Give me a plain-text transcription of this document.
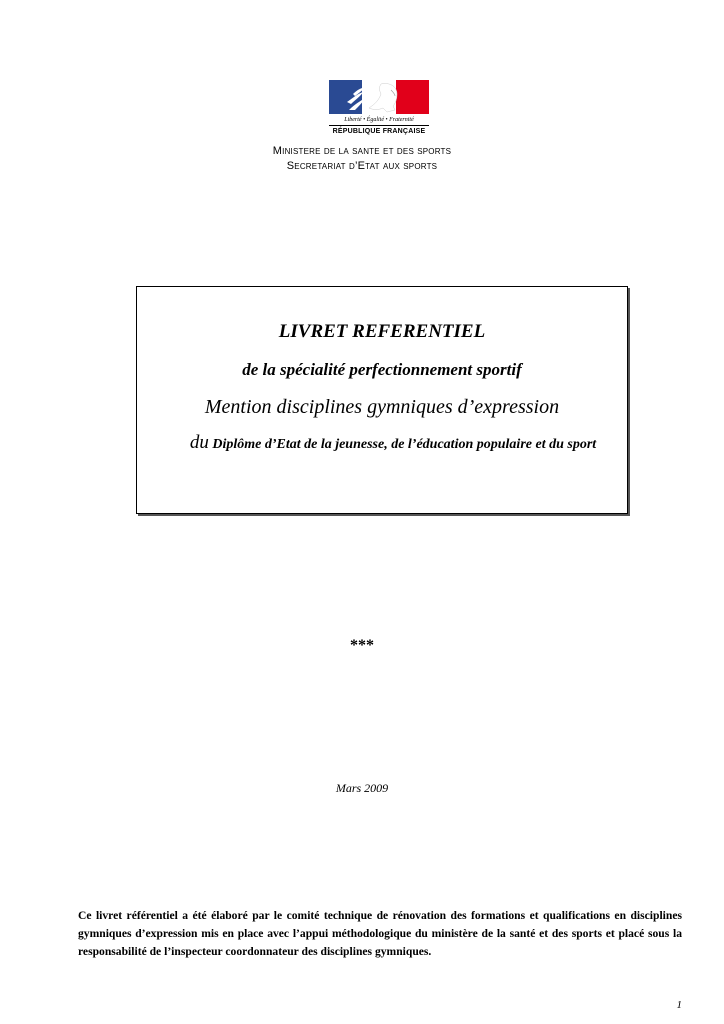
Liberté • Égalité • Fraternité
RÉPUBLIQUE FRANÇAISE
Ministere de la sante et des sports
Secretariat d’Etat aux sports
LIVRET REFERENTIEL
de la spécialité perfectionnement sportif
Mention disciplines gymniques d’expression
du Diplôme d’Etat de la jeunesse, de l’éducation populaire et du sport
***
Mars 2009
Ce livret référentiel a été élaboré par le comité technique de rénovation des formations et qualifications en disciplines gymniques d’expression mis en place avec l’appui méthodologique du ministère de la santé et des sports et placé sous la responsabilité de l’inspecteur coordonnateur des disciplines gymniques.
1
